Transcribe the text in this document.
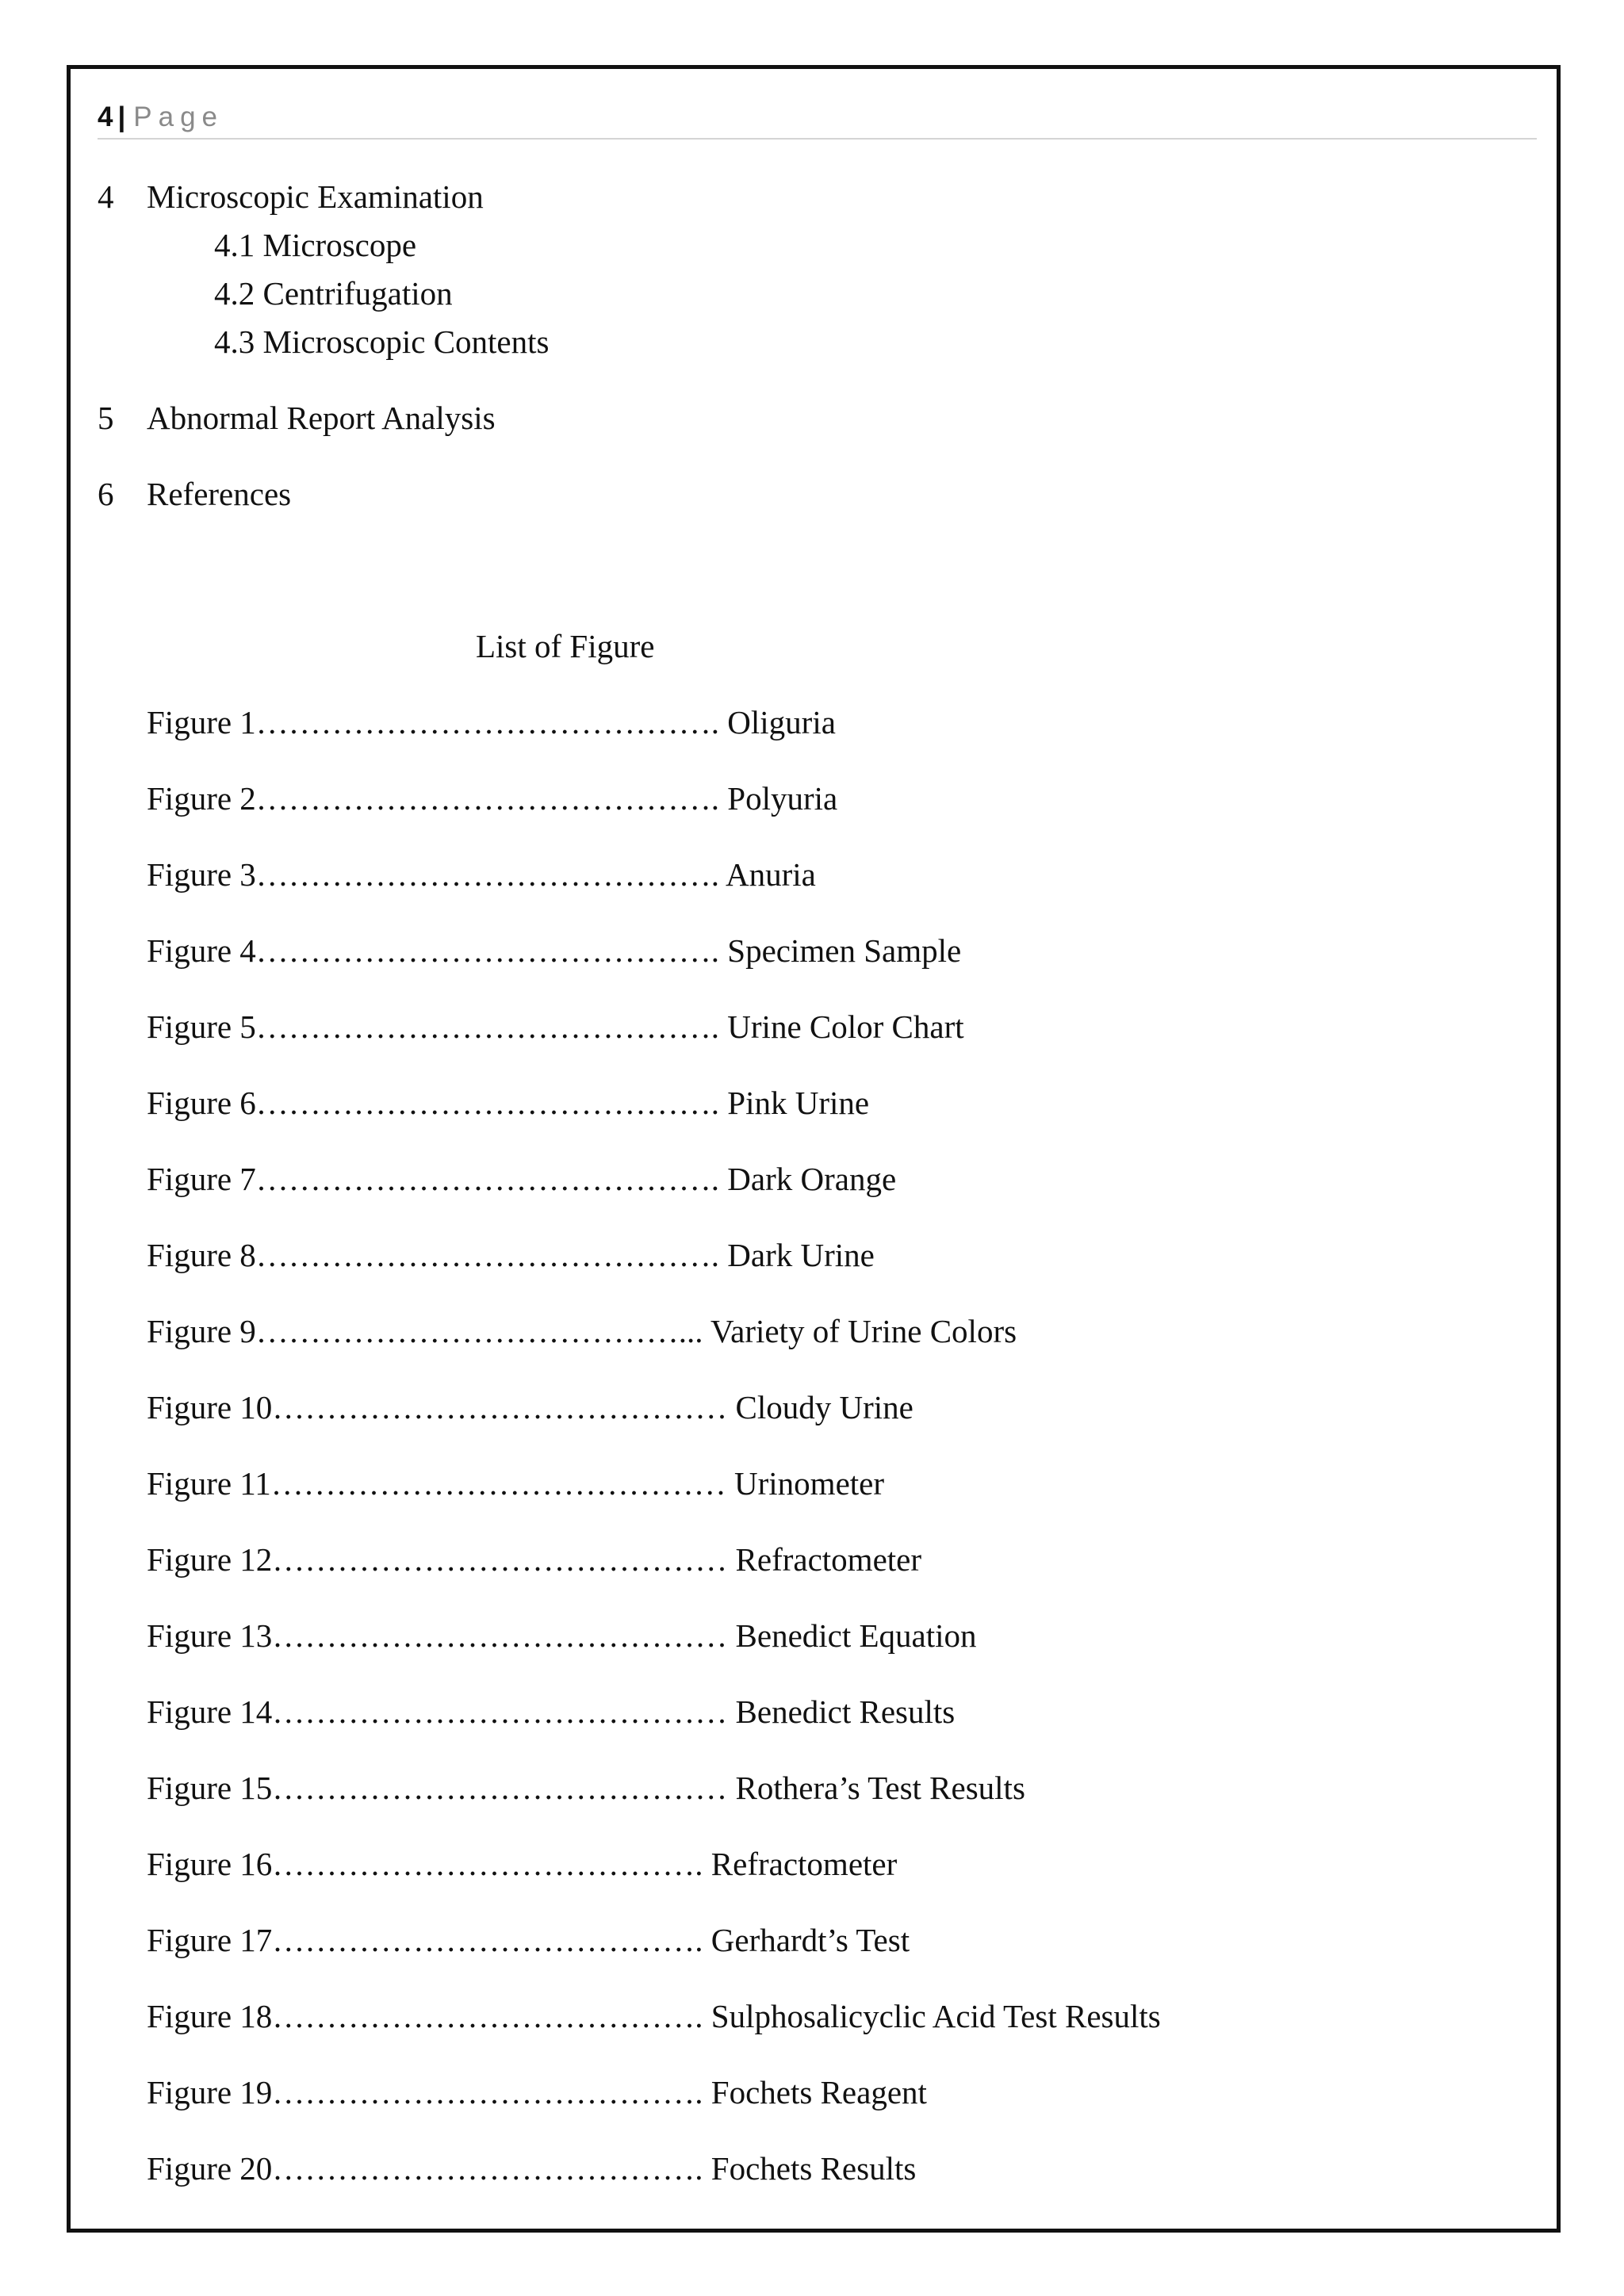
4 | Page
4 Microscopic Examination
4.1 Microscope
4.2 Centrifugation
4.3 Microscopic Contents
5 Abnormal Report Analysis
6 References
List of Figure
Figure 1……………………………………. Oliguria
Figure 2……………………………………. Polyuria
Figure 3……………………………………. Anuria
Figure 4……………………………………. Specimen Sample
Figure 5……………………………………. Urine Color Chart
Figure 6……………………………………. Pink Urine
Figure 7……………………………………. Dark Orange
Figure 8……………………………………. Dark Urine
Figure 9…………………………………... Variety of Urine Colors
Figure 10…………………………………… Cloudy Urine
Figure 11…………………………………… Urinometer
Figure 12…………………………………… Refractometer
Figure 13…………………………………… Benedict Equation
Figure 14…………………………………… Benedict Results
Figure 15…………………………………… Rothera’s Test Results
Figure 16…………………………………. Refractometer
Figure 17…………………………………. Gerhardt’s Test
Figure 18…………………………………. Sulphosalicyclic Acid Test Results
Figure 19…………………………………. Fochets Reagent
Figure 20…………………………………. Fochets Results
